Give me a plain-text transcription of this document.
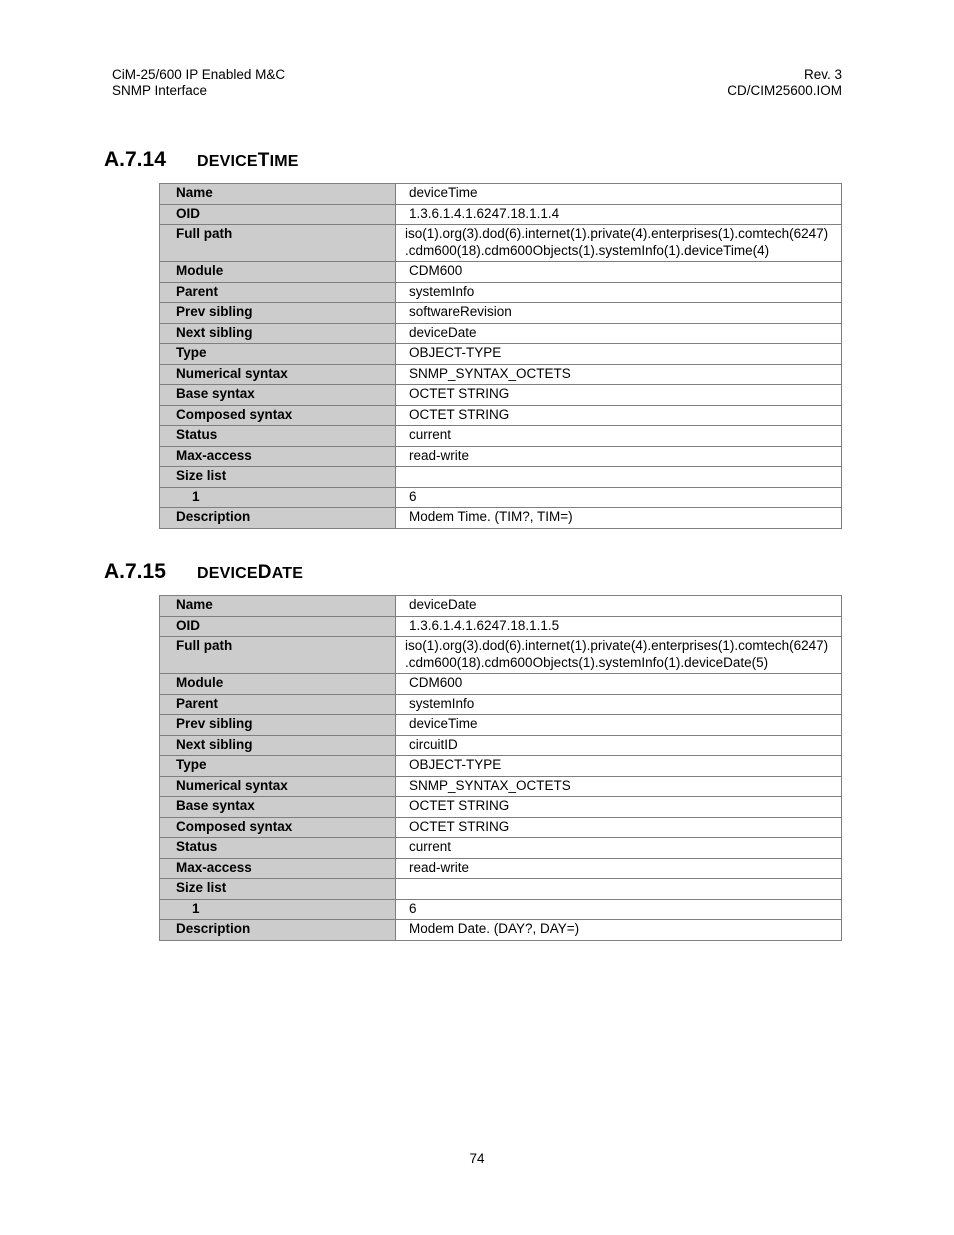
CiM-25/600 IP Enabled M&C
SNMP Interface
Rev. 3
CD/CIM25600.IOM
A.7.14 DEVICETIME
Name	deviceTime
OID	1.3.6.1.4.1.6247.18.1.1.4
Full path	iso(1).org(3).dod(6).internet(1).private(4).enterprises(1).comtech(6247)
.cdm600(18).cdm600Objects(1).systemInfo(1).deviceTime(4)

Module	CDM600
Parent	systemInfo
Prev sibling	softwareRevision
Next sibling	deviceDate
Type	OBJECT-TYPE
Numerical syntax	SNMP_SYNTAX_OCTETS
Base syntax	OCTET STRING
Composed syntax	OCTET STRING
Status	current
Max-access	read-write
Size list	
1	6
Description	Modem Time. (TIM?, TIM=)
A.7.15 DEVICEDATE
Name	deviceDate
OID	1.3.6.1.4.1.6247.18.1.1.5
Full path	iso(1).org(3).dod(6).internet(1).private(4).enterprises(1).comtech(6247)
.cdm600(18).cdm600Objects(1).systemInfo(1).deviceDate(5)

Module	CDM600
Parent	systemInfo
Prev sibling	deviceTime
Next sibling	circuitID
Type	OBJECT-TYPE
Numerical syntax	SNMP_SYNTAX_OCTETS
Base syntax	OCTET STRING
Composed syntax	OCTET STRING
Status	current
Max-access	read-write
Size list	
1	6
Description	Modem Date. (DAY?, DAY=)
74
